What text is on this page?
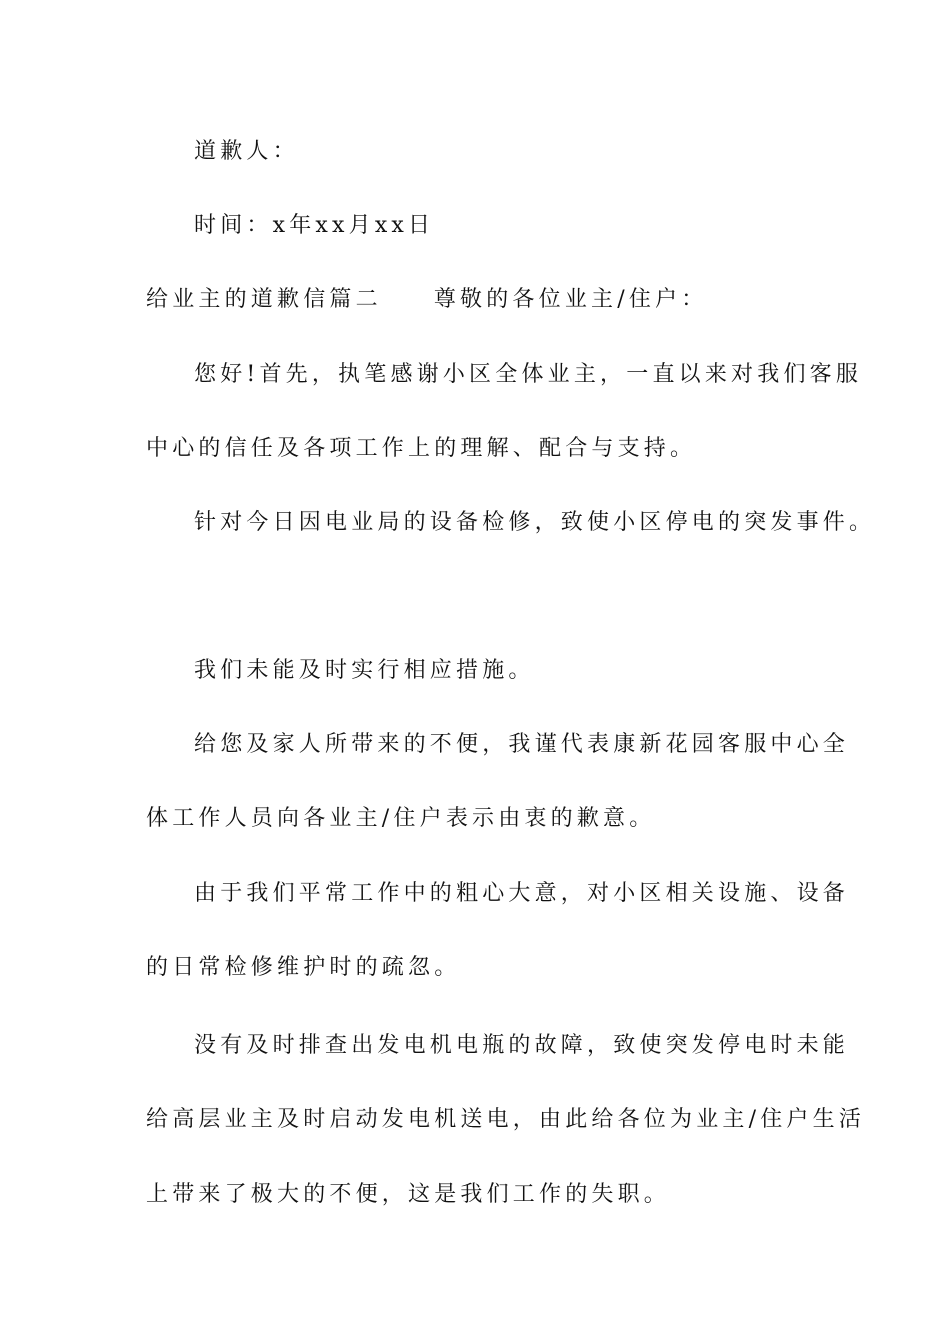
道歉人：
时间：x年xx月xx日
给业主的道歉信篇二 尊敬的各位业主/住户：
您好!首先，执笔感谢小区全体业主，一直以来对我们客服
中心的信任及各项工作上的理解、配合与支持。
针对今日因电业局的设备检修，致使小区停电的突发事件。
我们未能及时实行相应措施。
给您及家人所带来的不便，我谨代表康新花园客服中心全
体工作人员向各业主/住户表示由衷的歉意。
由于我们平常工作中的粗心大意，对小区相关设施、设备
的日常检修维护时的疏忽。
没有及时排查出发电机电瓶的故障，致使突发停电时未能
给高层业主及时启动发电机送电，由此给各位为业主/住户生活
上带来了极大的不便，这是我们工作的失职。
